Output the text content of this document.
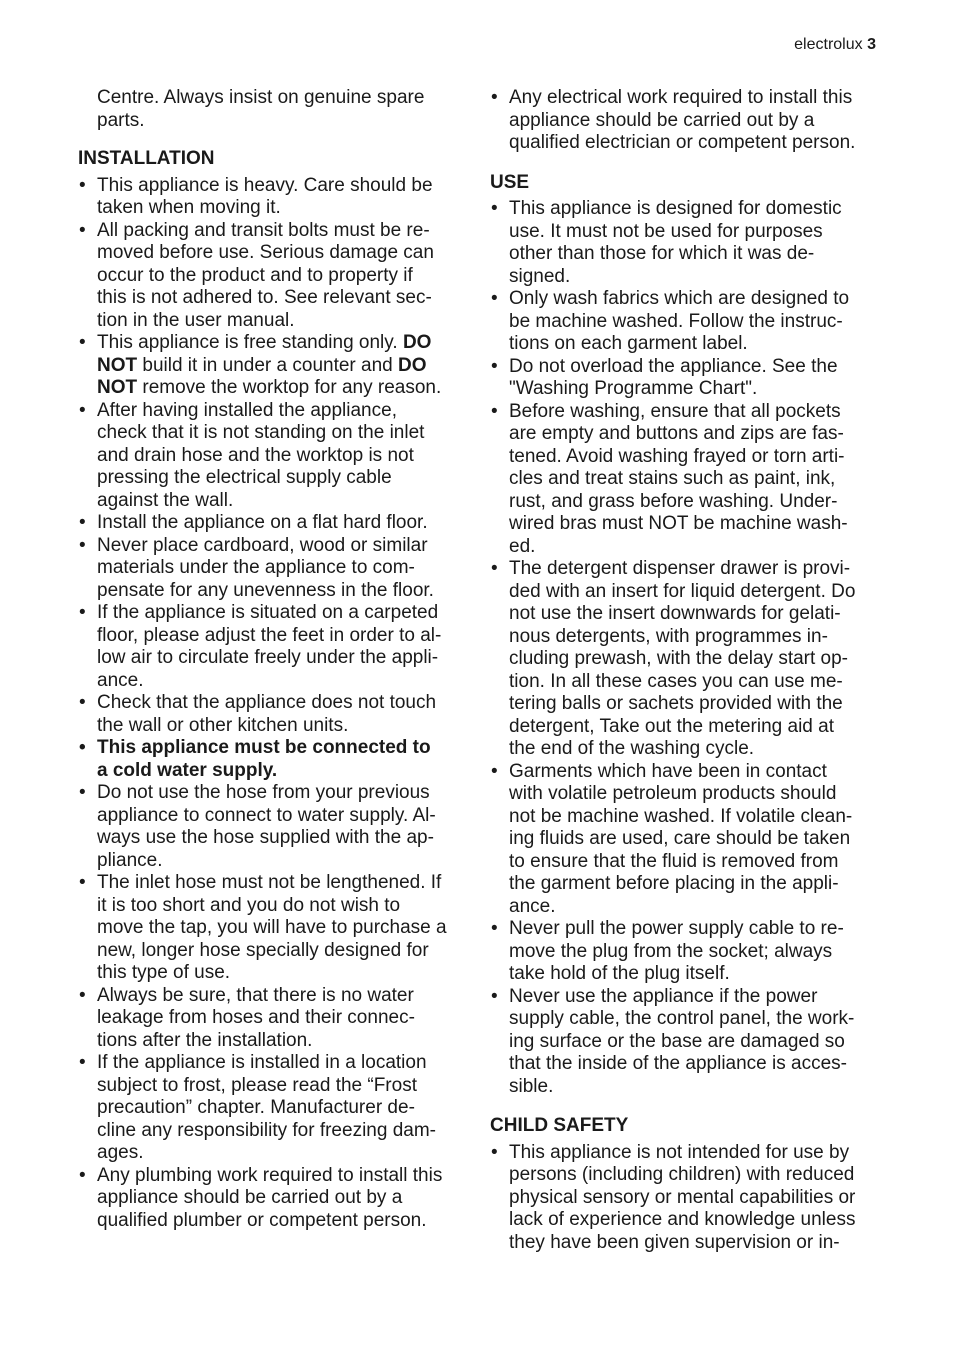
electrolux 3

Centre. Always insist on genuine spare
parts.

INSTALLATION
• This appliance is heavy. Care should be
taken when moving it.
• All packing and transit bolts must be re-
moved before use. Serious damage can
occur to the product and to property if
this is not adhered to. See relevant sec-
tion in the user manual.
• This appliance is free standing only. DO
NOT build it in under a counter and DO
NOT remove the worktop for any reason.
• After having installed the appliance,
check that it is not standing on the inlet
and drain hose and the worktop is not
pressing the electrical supply cable
against the wall.
• Install the appliance on a flat hard floor.
• Never place cardboard, wood or similar
materials under the appliance to com-
pensate for any unevenness in the floor.
• If the appliance is situated on a carpeted
floor, please adjust the feet in order to al-
low air to circulate freely under the appli-
ance.
• Check that the appliance does not touch
the wall or other kitchen units.
• This appliance must be connected to
a cold water supply.
• Do not use the hose from your previous
appliance to connect to water supply. Al-
ways use the hose supplied with the ap-
pliance.
• The inlet hose must not be lengthened. If
it is too short and you do not wish to
move the tap, you will have to purchase a
new, longer hose specially designed for
this type of use.
• Always be sure, that there is no water
leakage from hoses and their connec-
tions after the installation.
• If the appliance is installed in a location
subject to frost, please read the “Frost
precaution” chapter. Manufacturer de-
cline any responsibility for freezing dam-
ages.
• Any plumbing work required to install this
appliance should be carried out by a
qualified plumber or competent person.
• Any electrical work required to install this
appliance should be carried out by a
qualified electrician or competent person.
USE
• This appliance is designed for domestic
use. It must not be used for purposes
other than those for which it was de-
signed.
• Only wash fabrics which are designed to
be machine washed. Follow the instruc-
tions on each garment label.
• Do not overload the appliance. See the
"Washing Programme Chart".
• Before washing, ensure that all pockets
are empty and buttons and zips are fas-
tened. Avoid washing frayed or torn arti-
cles and treat stains such as paint, ink,
rust, and grass before washing. Under-
wired bras must NOT be machine wash-
ed.
• The detergent dispenser drawer is provi-
ded with an insert for liquid detergent. Do
not use the insert downwards for gelati-
nous detergents, with programmes in-
cluding prewash, with the delay start op-
tion. In all these cases you can use me-
tering balls or sachets provided with the
detergent, Take out the metering aid at
the end of the washing cycle.
• Garments which have been in contact
with volatile petroleum products should
not be machine washed. If volatile clean-
ing fluids are used, care should be taken
to ensure that the fluid is removed from
the garment before placing in the appli-
ance.
• Never pull the power supply cable to re-
move the plug from the socket; always
take hold of the plug itself.
• Never use the appliance if the power
supply cable, the control panel, the work-
ing surface or the base are damaged so
that the inside of the appliance is acces-
sible.
CHILD SAFETY
• This appliance is not intended for use by
persons (including children) with reduced
physical sensory or mental capabilities or
lack of experience and knowledge unless
they have been given supervision or in-
